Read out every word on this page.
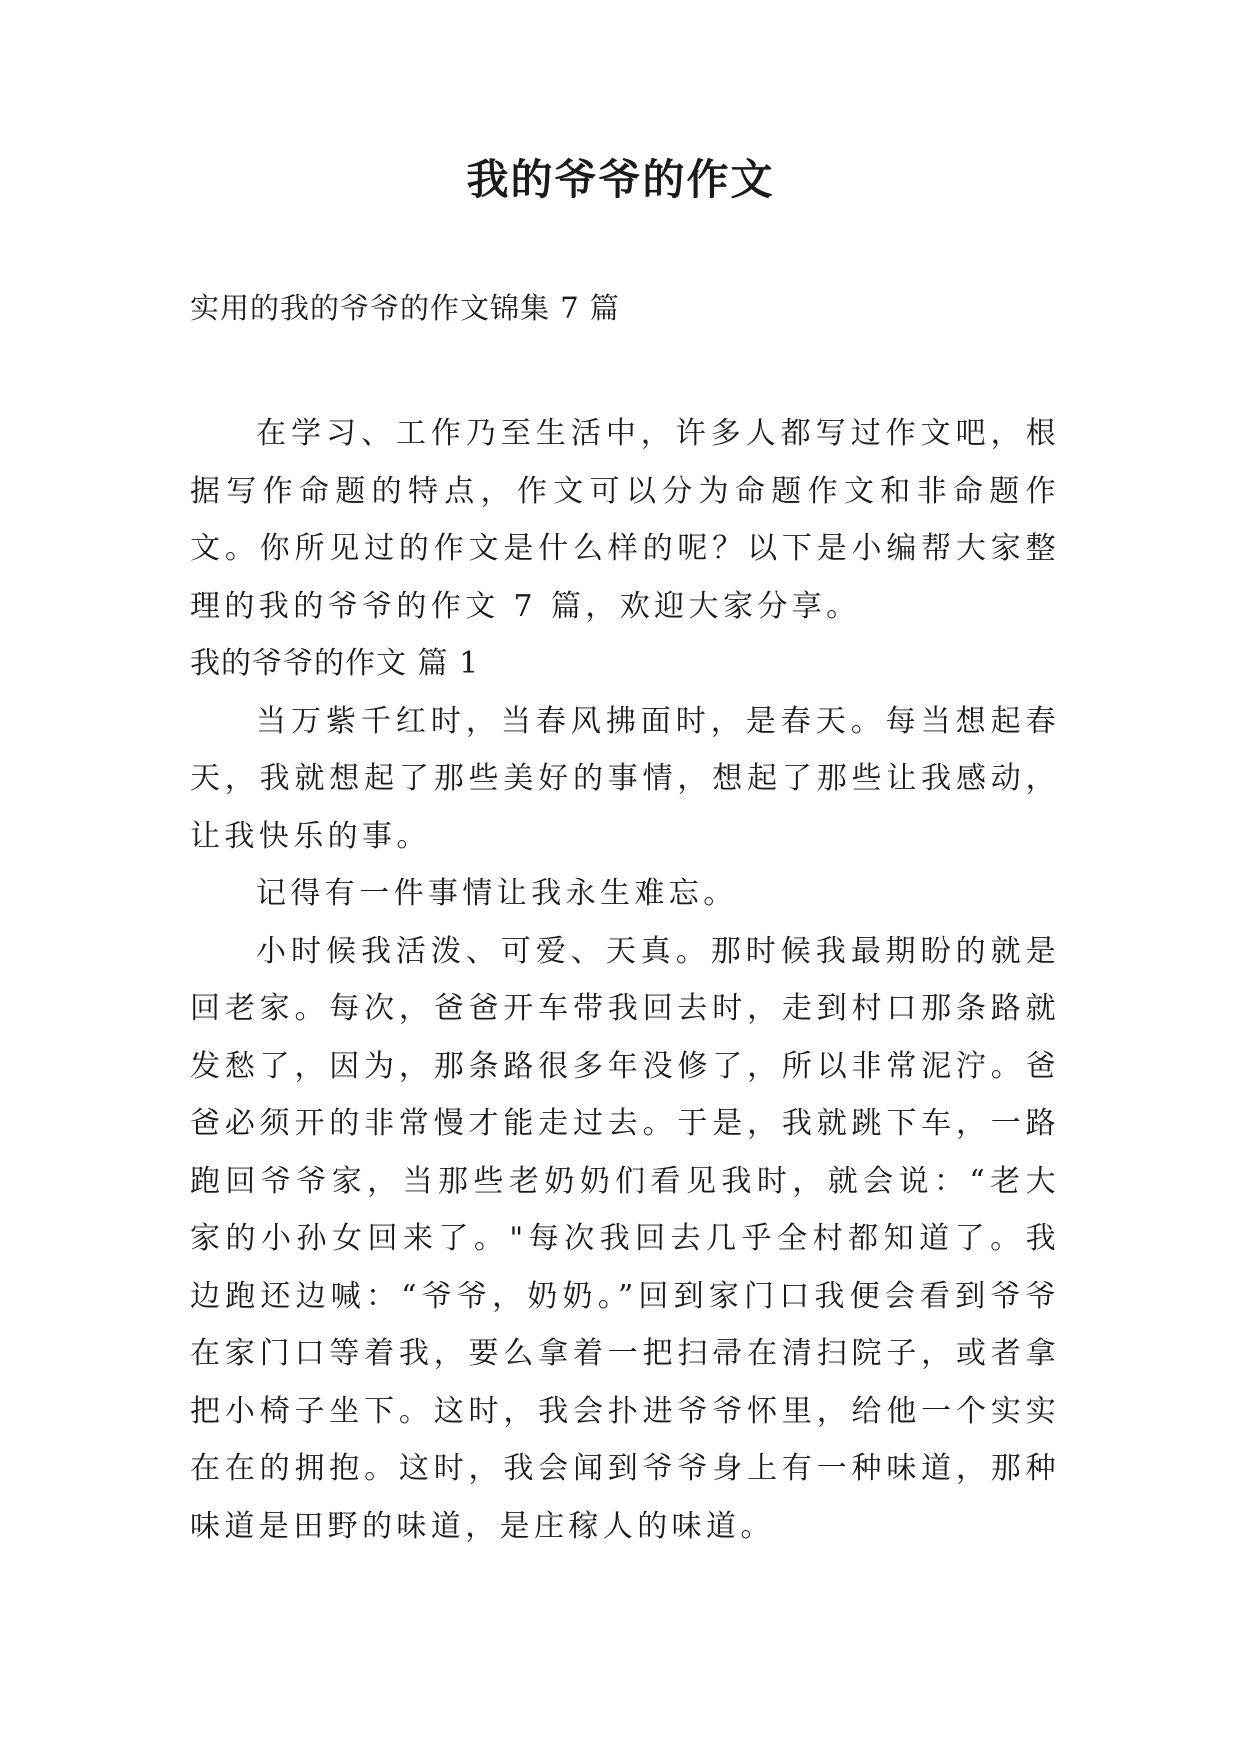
我的爷爷的作文

实用的我的爷爷的作文锦集 7 篇

在学习、工作乃至生活中，许多人都写过作文吧，根据写作命题的特点，作文可以分为命题作文和非命题作文。你所见过的作文是什么样的呢？以下是小编帮大家整理的我的爷爷的作文 7 篇，欢迎大家分享。

我的爷爷的作文 篇 1

当万紫千红时，当春风拂面时，是春天。每当想起春天，我就想起了那些美好的事情，想起了那些让我感动，让我快乐的事。

记得有一件事情让我永生难忘。

小时候我活泼、可爱、天真。那时候我最期盼的就是回老家。每次，爸爸开车带我回去时，走到村口那条路就发愁了，因为，那条路很多年没修了，所以非常泥泞。爸爸必须开的非常慢才能走过去。于是，我就跳下车，一路跑回爷爷家，当那些老奶奶们看见我时，就会说：“老大家的小孙女回来了。"每次我回去几乎全村都知道了。我边跑还边喊：“爷爷，奶奶。”回到家门口我便会看到爷爷在家门口等着我，要么拿着一把扫帚在清扫院子，或者拿把小椅子坐下。这时，我会扑进爷爷怀里，给他一个实实在在的拥抱。这时，我会闻到爷爷身上有一种味道，那种味道是田野的味道，是庄稼人的味道。
